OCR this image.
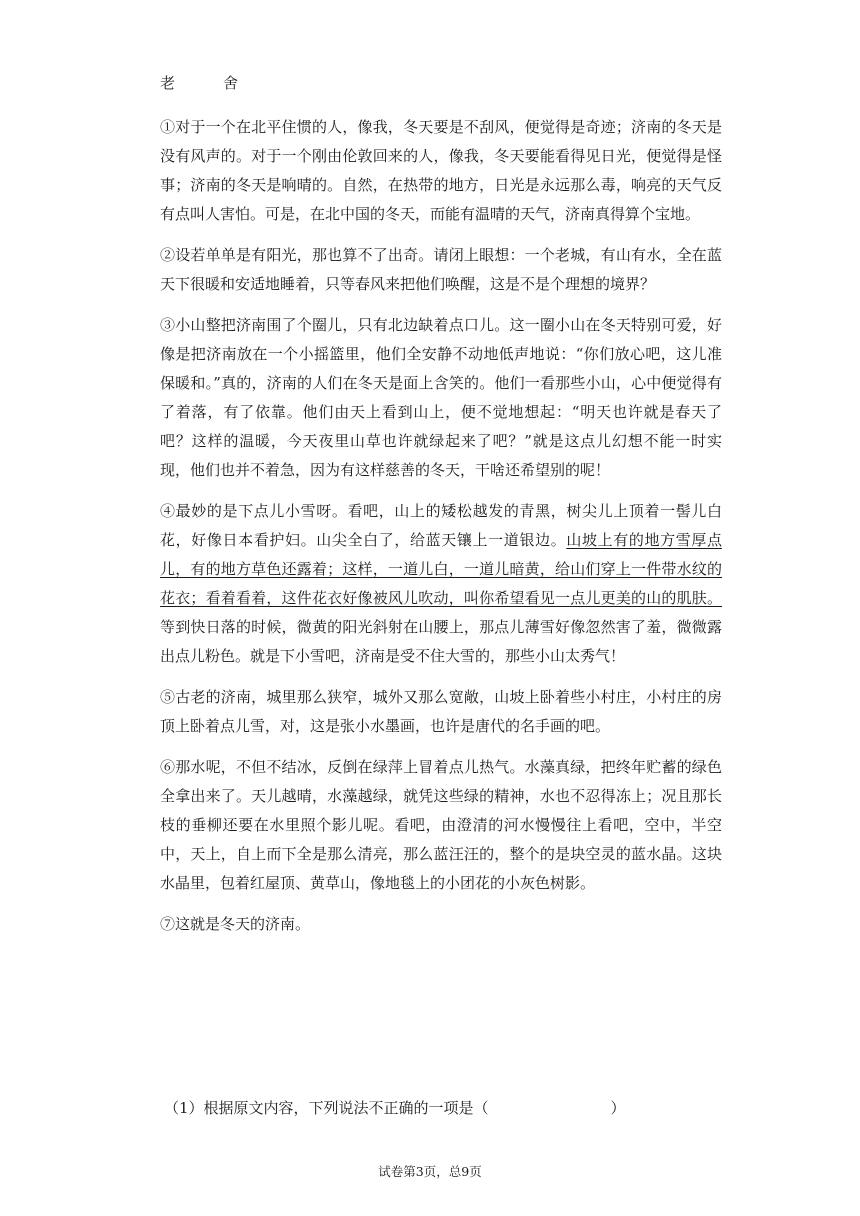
老	舍

①对于一个在北平住惯的人，像我，冬天要是不刮风，便觉得是奇迹；济南的冬天是没有风声的。对于一个刚由伦敦回来的人，像我，冬天要能看得见日光，便觉得是怪事；济南的冬天是响晴的。自然，在热带的地方，日光是永远那么毒，响亮的天气反有点叫人害怕。可是，在北中国的冬天，而能有温晴的天气，济南真得算个宝地。

②设若单单是有阳光，那也算不了出奇。请闭上眼想：一个老城，有山有水，全在蓝天下很暖和安适地睡着，只等春风来把他们唤醒，这是不是个理想的境界？

③小山整把济南围了个圈儿，只有北边缺着点口儿。这一圈小山在冬天特别可爱，好像是把济南放在一个小摇篮里，他们全安静不动地低声地说：“你们放心吧，这儿准保暖和。”真的，济南的人们在冬天是面上含笑的。他们一看那些小山，心中便觉得有了着落，有了依靠。他们由天上看到山上，便不觉地想起：“明天也许就是春天了吧？这样的温暖，今天夜里山草也许就绿起来了吧？”就是这点儿幻想不能一时实现，他们也并不着急，因为有这样慈善的冬天，干啥还希望别的呢！

④最妙的是下点儿小雪呀。看吧，山上的矮松越发的青黑，树尖儿上顶着一髻儿白花，好像日本看护妇。山尖全白了，给蓝天镶上一道银边。山坡上有的地方雪厚点儿，有的地方草色还露着；这样，一道儿白，一道儿暗黄，给山们穿上一件带水纹的花衣；看着看着，这件花衣好像被风儿吹动，叫你希望看见一点儿更美的山的肌肤。等到快日落的时候，微黄的阳光斜射在山腰上，那点儿薄雪好像忽然害了羞，微微露出点儿粉色。就是下小雪吧，济南是受不住大雪的，那些小山太秀气！

⑤古老的济南，城里那么狭窄，城外又那么宽敞，山坡上卧着些小村庄，小村庄的房顶上卧着点儿雪，对，这是张小水墨画，也许是唐代的名手画的吧。

⑥那水呢，不但不结冰，反倒在绿萍上冒着点儿热气。水藻真绿，把终年贮蓄的绿色全拿出来了。天儿越晴，水藻越绿，就凭这些绿的精神，水也不忍得冻上；况且那长枝的垂柳还要在水里照个影儿呢。看吧，由澄清的河水慢慢往上看吧，空中，半空中，天上，自上而下全是那么清亮，那么蓝汪汪的，整个的是块空灵的蓝水晶。这块水晶里，包着红屋顶、黄草山，像地毯上的小团花的小灰色树影。

⑦这就是冬天的济南。

（1）根据原文内容，下列说法不正确的一项是（	）
试卷第3页，总9页
